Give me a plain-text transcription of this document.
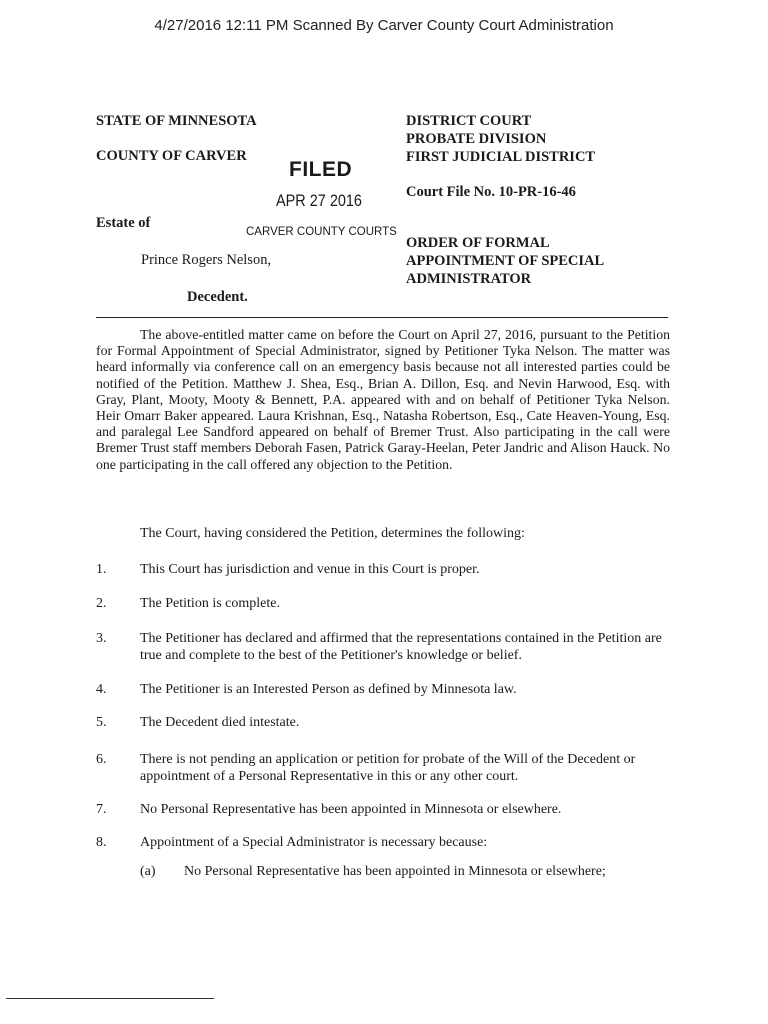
4/27/2016 12:11 PM Scanned By Carver County Court Administration
STATE OF MINNESOTA
COUNTY OF CARVER
Estate of
Prince Rogers Nelson,
Decedent.
DISTRICT COURT
PROBATE DIVISION
FIRST JUDICIAL DISTRICT
Court File No. 10-PR-16-46
ORDER OF FORMAL
APPOINTMENT OF SPECIAL
ADMINISTRATOR
FILED
APR 27 2016
CARVER COUNTY COURTS
The above-entitled matter came on before the Court on April 27, 2016, pursuant to the Petition for Formal Appointment of Special Administrator, signed by Petitioner Tyka Nelson. The matter was heard informally via conference call on an emergency basis because not all interested parties could be notified of the Petition. Matthew J. Shea, Esq., Brian A. Dillon, Esq. and Nevin Harwood, Esq. with Gray, Plant, Mooty, Mooty & Bennett, P.A. appeared with and on behalf of Petitioner Tyka Nelson. Heir Omarr Baker appeared. Laura Krishnan, Esq., Natasha Robertson, Esq., Cate Heaven-Young, Esq. and paralegal Lee Sandford appeared on behalf of Bremer Trust. Also participating in the call were Bremer Trust staff members Deborah Fasen, Patrick Garay-Heelan, Peter Jandric and Alison Hauck. No one participating in the call offered any objection to the Petition.
The Court, having considered the Petition, determines the following:
1. This Court has jurisdiction and venue in this Court is proper.
2. The Petition is complete.
3. The Petitioner has declared and affirmed that the representations contained in the Petition are true and complete to the best of the Petitioner's knowledge or belief.
4. The Petitioner is an Interested Person as defined by Minnesota law.
5. The Decedent died intestate.
6. There is not pending an application or petition for probate of the Will of the Decedent or appointment of a Personal Representative in this or any other court.
7. No Personal Representative has been appointed in Minnesota or elsewhere.
8. Appointment of a Special Administrator is necessary because:
(a) No Personal Representative has been appointed in Minnesota or elsewhere;
